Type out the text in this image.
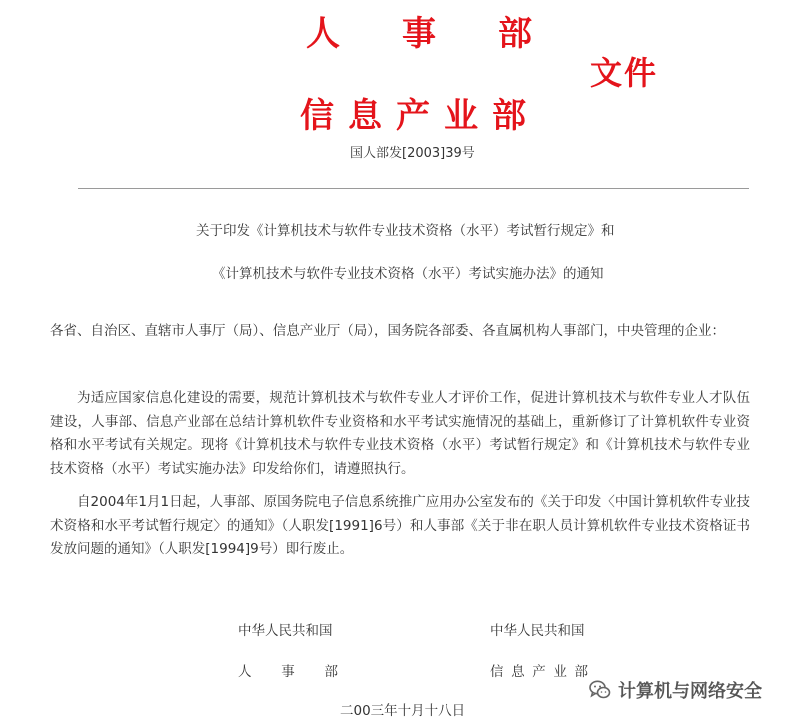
人 事 部
文件
信 息 产 业 部
国人部发[2003]39号
关于印发《计算机技术与软件专业技术资格（水平）考试暂行规定》和
《计算机技术与软件专业技术资格（水平）考试实施办法》的通知
各省、自治区、直辖市人事厅（局）、信息产业厅（局），国务院各部委、各直属机构人事部门，中央管理的企业：
为适应国家信息化建设的需要，规范计算机技术与软件专业人才评价工作，促进计算机技术与软件专业人才队伍建设，人事部、信息产业部在总结计算机软件专业资格和水平考试实施情况的基础上，重新修订了计算机软件专业资格和水平考试有关规定。现将《计算机技术与软件专业技术资格（水平）考试暂行规定》和《计算机技术与软件专业技术资格（水平）考试实施办法》印发给你们，请遵照执行。
自2004年1月1日起，人事部、原国务院电子信息系统推广应用办公室发布的《关于印发〈中国计算机软件专业技术资格和水平考试暂行规定〉的通知》（人职发[1991]6号）和人事部《关于非在职人员计算机软件专业技术资格证书发放问题的通知》（人职发[1994]9号）即行废止。
中华人民共和国	中华人民共和国
人 事 部	信 息 产 业 部
二00三年十月十八日
计算机与网络安全
